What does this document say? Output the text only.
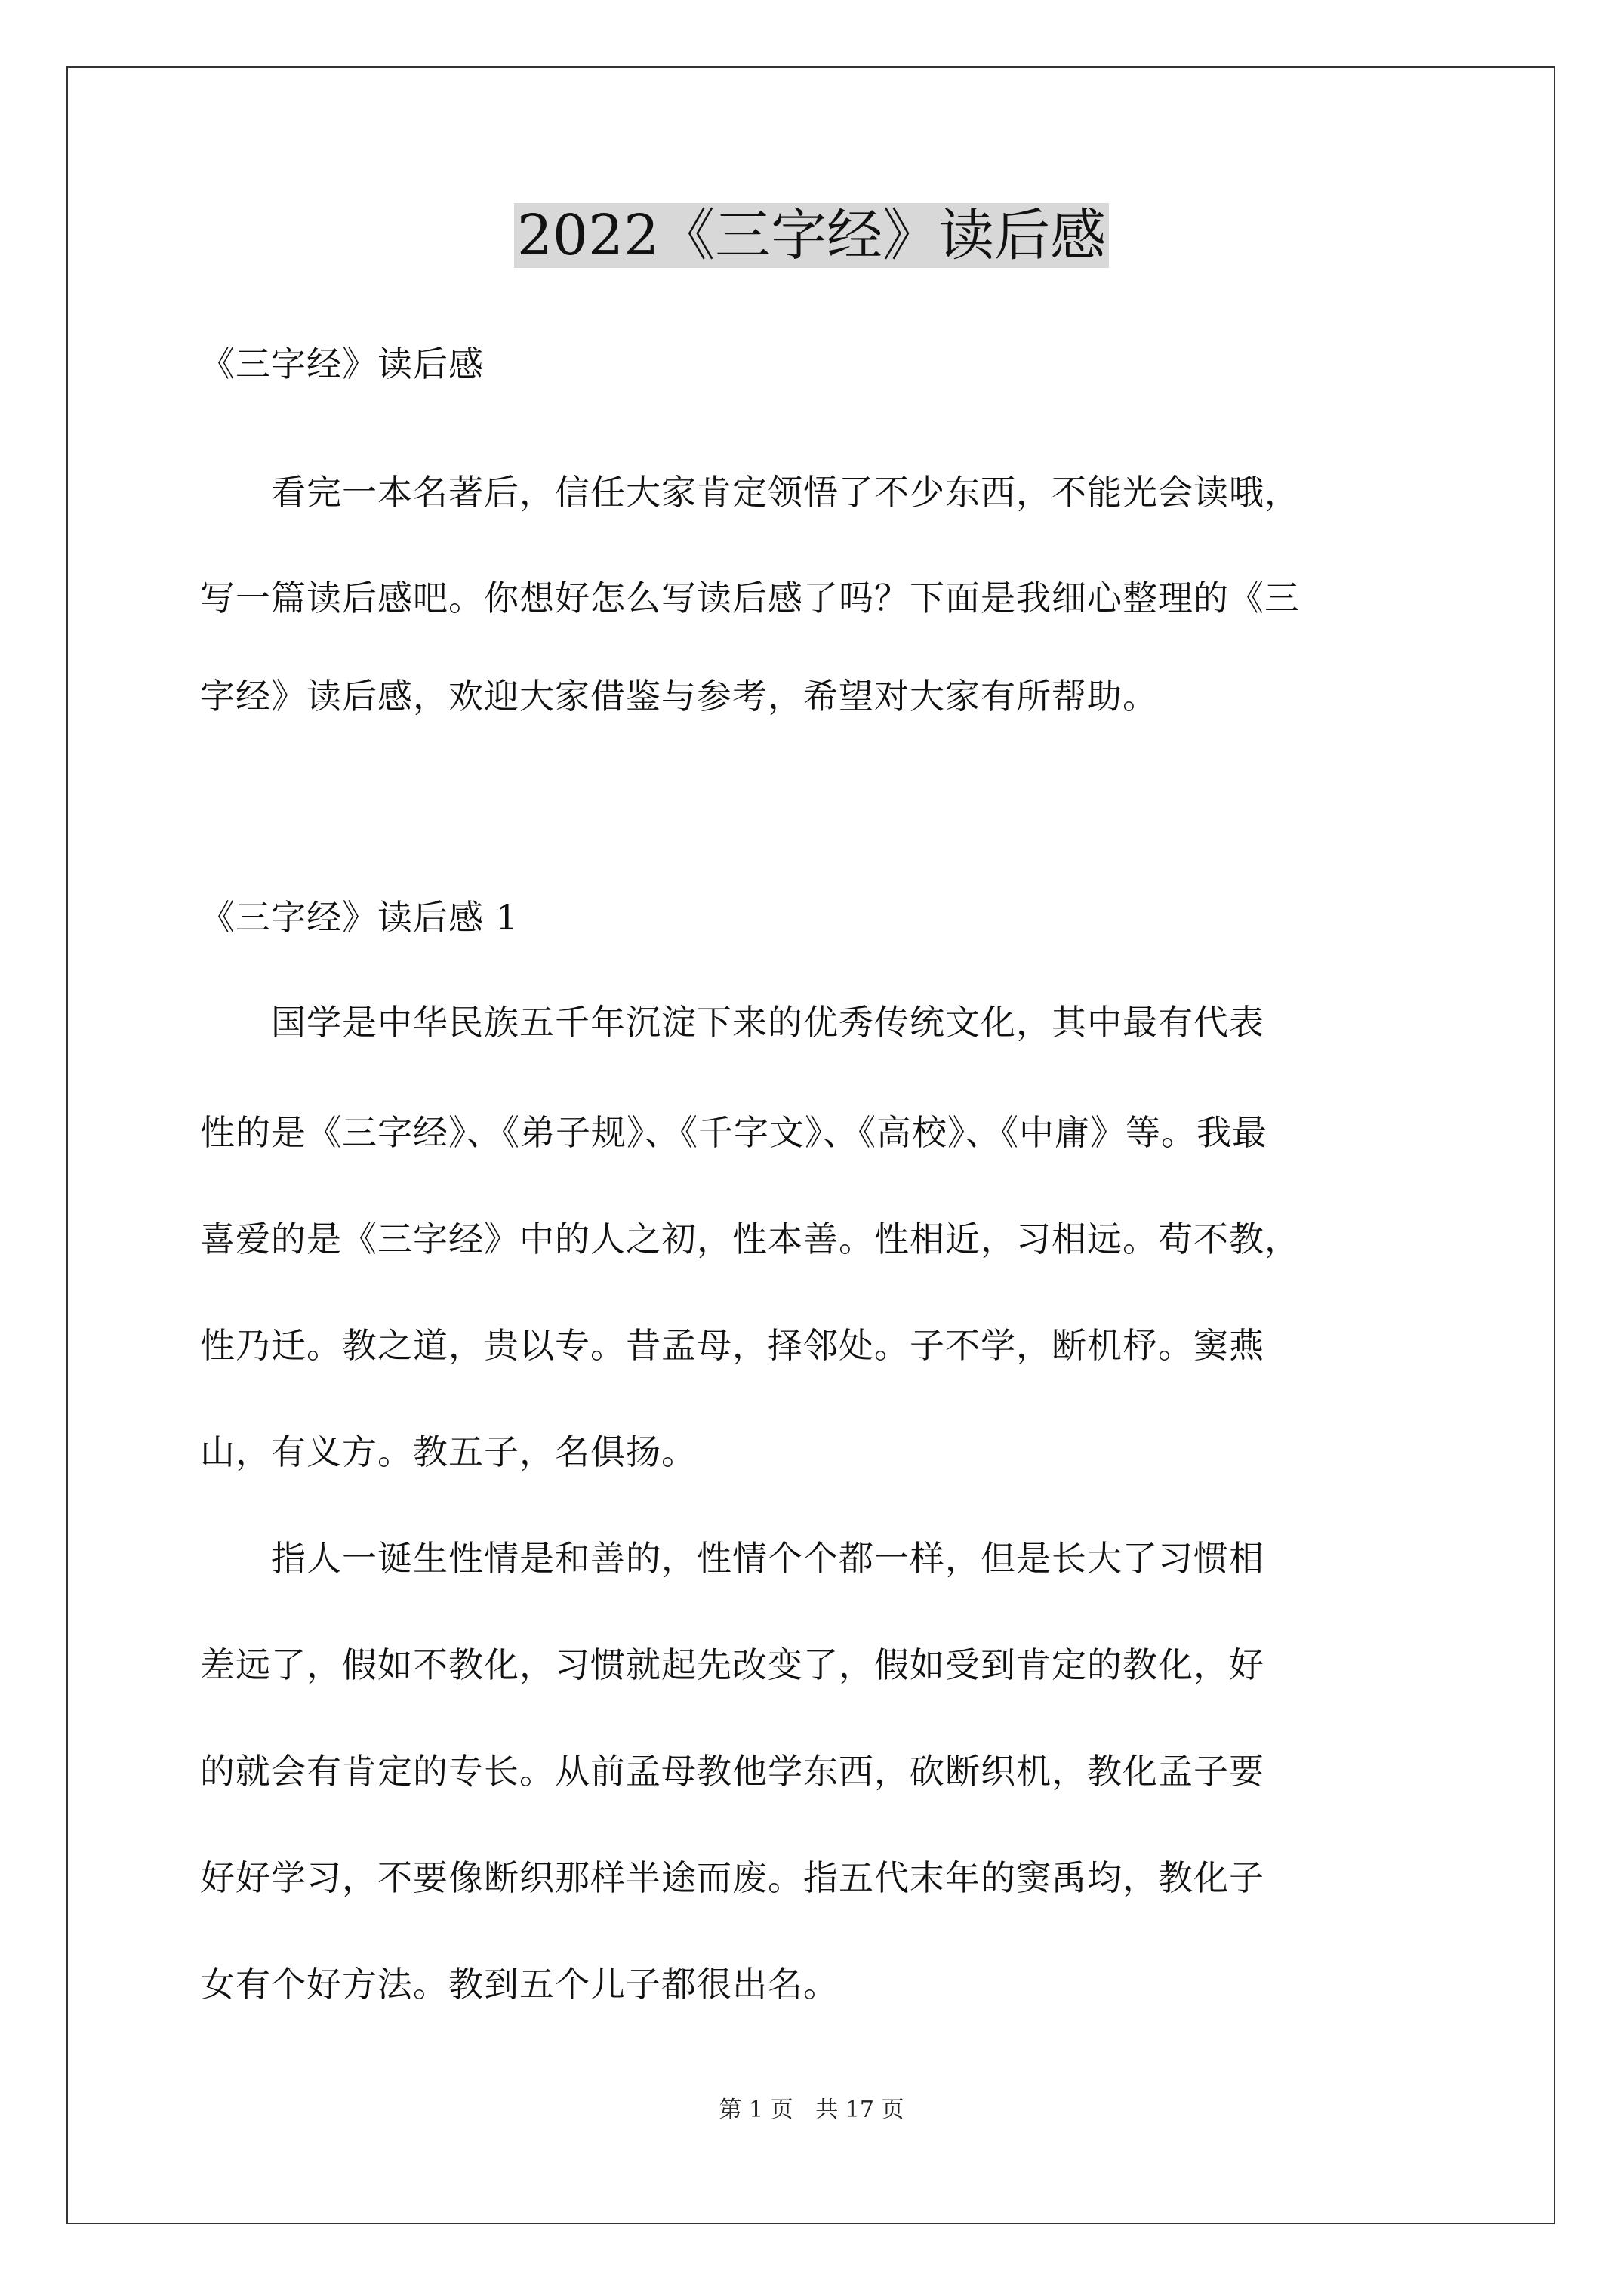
2022《三字经》读后感
《三字经》读后感
　　看完一本名著后，信任大家肯定领悟了不少东西，不能光会读哦，
写一篇读后感吧。你想好怎么写读后感了吗？下面是我细心整理的《三
字经》读后感，欢迎大家借鉴与参考，希望对大家有所帮助。
《三字经》读后感 1
　　国学是中华民族五千年沉淀下来的优秀传统文化，其中最有代表
性的是《三字经》、《弟子规》、《千字文》、《高校》、《中庸》等。我最
喜爱的是《三字经》中的人之初，性本善。性相近，习相远。苟不教，
性乃迁。教之道，贵以专。昔孟母，择邻处。子不学，断机杼。窦燕
山，有义方。教五子，名俱扬。
　　指人一诞生性情是和善的，性情个个都一样，但是长大了习惯相
差远了，假如不教化，习惯就起先改变了，假如受到肯定的教化，好
的就会有肯定的专长。从前孟母教他学东西，砍断织机，教化孟子要
好好学习，不要像断织那样半途而废。指五代末年的窦禹均，教化子
女有个好方法。教到五个儿子都很出名。
第 1 页 共 17 页
